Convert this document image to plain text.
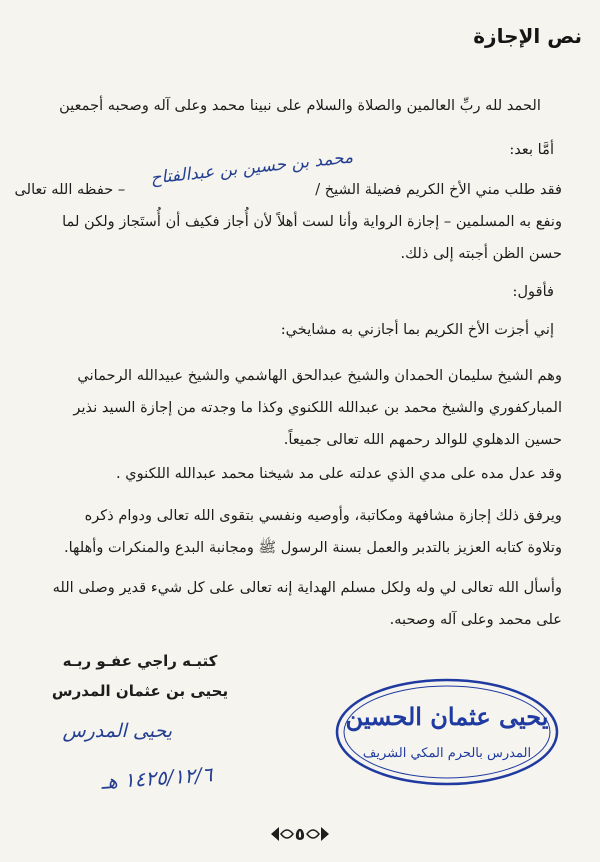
نص الإجازة

الحمد لله ربِّ العالمين والصلاة والسلام على نبينا محمد وعلى آله وصحبه أجمعين

أمَّا بعد:

محمد بن حسين بن عبدالفتاح
فقد طلب مني الأخ الكريم فضيلة الشيخ /– حفظه الله تعالى
ونفع به المسلمين – إجازة الرواية وأنا لست أهلاً لأن أُجاز فكيف أن أُستَجاز ولكن لما
حسن الظن أجبته إلى ذلك.

فأقول:

إني أجزت الأخ الكريم بما أجازني به مشايخي:

وهم الشيخ سليمان الحمدان والشيخ عبدالحق الهاشمي والشيخ عبيدالله الرحماني
المباركفوري والشيخ محمد بن عبدالله اللكنوي وكذا ما وجدته من إجازة السيد نذير
حسين الدهلوي للوالد رحمهم الله تعالى جميعاً.

وقد عدل مده على مدي الذي عدلته على مد شيخنا محمد عبدالله اللكنوي .

ويرفق ذلك إجازة مشافهة ومكاتبة، وأوصيه ونفسي بتقوى الله تعالى ودوام ذكره
وتلاوة كتابه العزيز بالتدبر والعمل بسنة الرسول ﷺ ومجانبة البدع والمنكرات وأهلها.
وأسأل الله تعالى لي وله ولكل مسلم الهداية إنه تعالى على كل شيء قدير وصلى الله
على محمد وعلى آله وصحبه.
كتبـه راجي عفـو ربـه
يحيى بن عثمان المدرس
يحيى المدرس
١٤٢٥/١٢/٦ هـ
يحيى عثمان الحسين
المدرس بالحرم المكي الشريف
٥
